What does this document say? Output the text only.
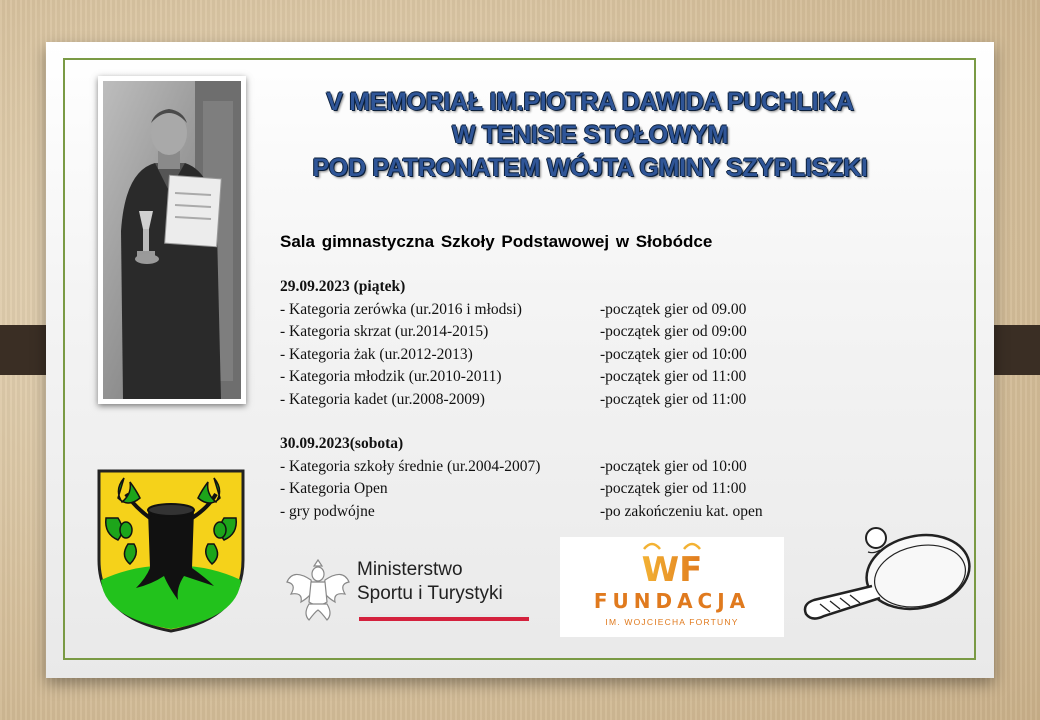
V MEMORIAŁ IM.PIOTRA DAWIDA PUCHLIKA
W TENISIE STOŁOWYM
POD PATRONATEM WÓJTA GMINY SZYPLISZKI
Sala gimnastyczna Szkoły Podstawowej w Słobódce
29.09.2023 (piątek)
- Kategoria zerówka (ur.2016 i młodsi)	-początek gier od 09.00
- Kategoria skrzat (ur.2014-2015)	-początek gier od 09:00
- Kategoria żak (ur.2012-2013)	-początek gier od 10:00
- Kategoria młodzik (ur.2010-2011)	-początek gier od 11:00
- Kategoria kadet (ur.2008-2009)	-początek gier od 11:00
30.09.2023(sobota)
- Kategoria szkoły średnie (ur.2004-2007)	-początek gier od 10:00
- Kategoria Open	-początek gier od 11:00
- gry podwójne	-po zakończeniu kat. open
Ministerstwo
Sportu i Turystyki
WF
FUNDACJA
IM. WOJCIECHA FORTUNY
